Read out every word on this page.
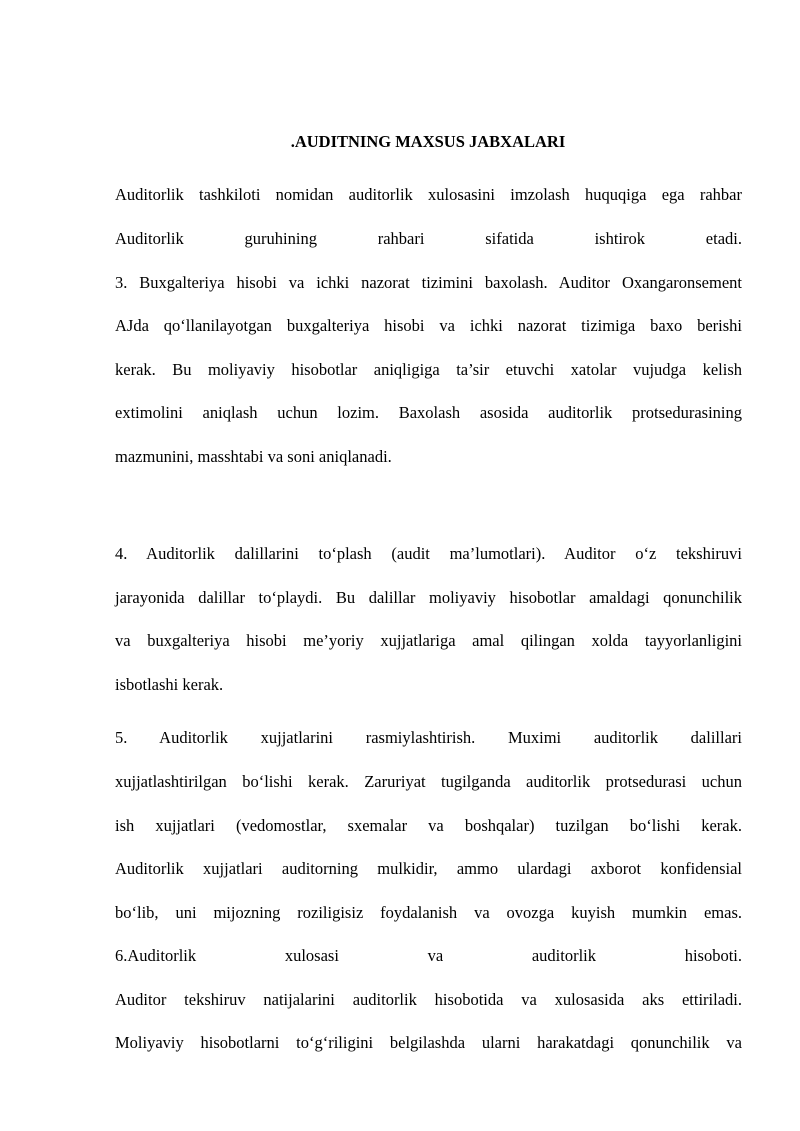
.AUDITNING MAXSUS JABXALARI
Auditorlik tashkiloti nomidan auditorlik xulosasini imzolash huquqiga ega rahbar
Auditorlik guruhining rahbari sifatida ishtirok etadi.
3. Buxgalteriya hisobi va ichki nazorat tizimini baxolash. Auditor Oxangaronsement
AJda qo‘llanilayotgan buxgalteriya hisobi va ichki nazorat tizimiga baxo berishi
kerak. Bu moliyaviy hisobotlar aniqligiga ta’sir etuvchi xatolar vujudga kelish
extimolini aniqlash uchun lozim. Baxolash asosida auditorlik protsedurasining
mazmunini, masshtabi va soni aniqlanadi.
4. Auditorlik dalillarini to‘plash (audit ma’lumotlari). Auditor o‘z tekshiruvi
jarayonida dalillar to‘playdi. Bu dalillar moliyaviy hisobotlar amaldagi qonunchilik
va buxgalteriya hisobi me’yoriy xujjatlariga amal qilingan xolda tayyorlanligini
isbotlashi kerak.
5. Auditorlik xujjatlarini rasmiylashtirish. Muximi auditorlik dalillari
xujjatlashtirilgan bo‘lishi kerak. Zaruriyat tugilganda auditorlik protsedurasi uchun
ish xujjatlari (vedomostlar, sxemalar va boshqalar) tuzilgan bo‘lishi kerak.
Auditorlik xujjatlari auditorning mulkidir, ammo ulardagi axborot konfidensial
bo‘lib, uni mijozning roziligisiz foydalanish va ovozga kuyish mumkin emas.
6.Auditorlik xulosasi va auditorlik hisoboti.
Auditor tekshiruv natijalarini auditorlik hisobotida va xulosasida aks ettiriladi.
Moliyaviy hisobotlarni to‘g‘riligini belgilashda ularni harakatdagi qonunchilik va
